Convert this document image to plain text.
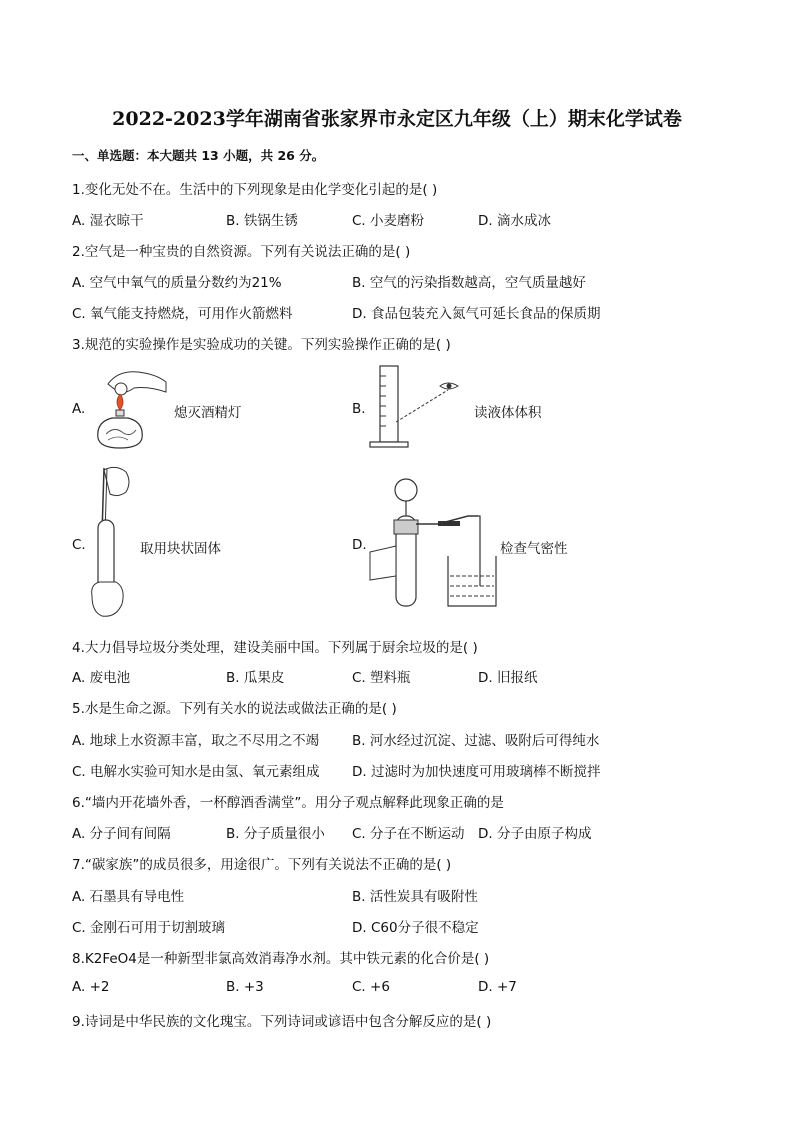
2022-2023学年湖南省张家界市永定区九年级（上）期末化学试卷
一、单选题：本大题共 13 小题，共 26 分。
1.变化无处不在。生活中的下列现象是由化学变化引起的是( )
A. 湿衣晾干	B. 铁锅生锈	C. 小麦磨粉	D. 滴水成冰
2.空气是一种宝贵的自然资源。下列有关说法正确的是( )
A. 空气中氧气的质量分数约为21%	B. 空气的污染指数越高，空气质量越好
C. 氧气能支持燃烧，可用作火箭燃料	D. 食品包装充入氮气可延长食品的保质期
3.规范的实验操作是实验成功的关键。下列实验操作正确的是( )
A.	熄灭酒精灯	B.	读液体体积
C.	取用块状固体	D.	检查气密性
4.大力倡导垃圾分类处理，建设美丽中国。下列属于厨余垃圾的是( )
A. 废电池	B. 瓜果皮	C. 塑料瓶	D. 旧报纸
5.水是生命之源。下列有关水的说法或做法正确的是( )
A. 地球上水资源丰富，取之不尽用之不竭 B. 河水经过沉淀、过滤、吸附后可得纯水
C. 电解水实验可知水是由氢、氧元素组成 D. 过滤时为加快速度可用玻璃棒不断搅拌
6.“墙内开花墙外香，一杯醇酒香满堂”。用分子观点解释此现象正确的是
A. 分子间有间隔	B. 分子质量很小 C. 分子在不断运动 D. 分子由原子构成
7.“碳家族”的成员很多，用途很广。下列有关说法不正确的是( )
A. 石墨具有导电性	B. 活性炭具有吸附性
C. 金刚石可用于切割玻璃	D. C60分子很不稳定
8.K2FeO4是一种新型非氯高效消毒净水剂。其中铁元素的化合价是( )
A. +2	B. +3	C. +6	D. +7
9.诗词是中华民族的文化瑰宝。下列诗词或谚语中包含分解反应的是( )
